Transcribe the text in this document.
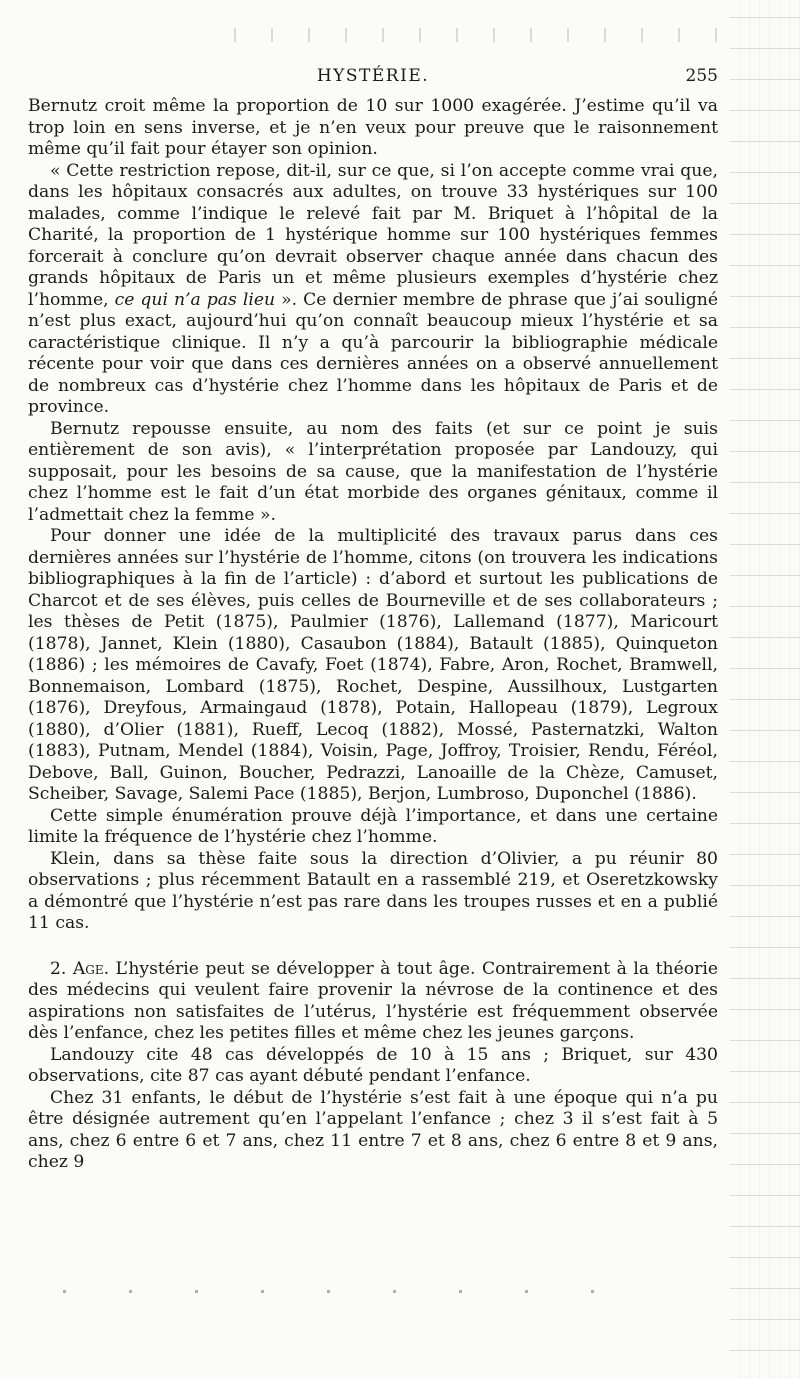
HYSTÉRIE.	255

Bernutz croit même la proportion de 10 sur 1000 exagérée. J’estime qu’il va trop loin en sens inverse, et je n’en veux pour preuve que le raisonnement même qu’il fait pour étayer son opinion.

« Cette restriction repose, dit-il, sur ce que, si l’on accepte comme vrai que, dans les hôpitaux consacrés aux adultes, on trouve 33 hystériques sur 100 malades, comme l’indique le relevé fait par M. Briquet à l’hôpital de la Charité, la proportion de 1 hystérique homme sur 100 hystériques femmes forcerait à conclure qu’on devrait observer chaque année dans chacun des grands hôpitaux de Paris un et même plusieurs exemples d’hystérie chez l’homme, ce qui n’a pas lieu ». Ce dernier membre de phrase que j’ai souligné n’est plus exact, aujourd’hui qu’on connaît beaucoup mieux l’hystérie et sa caractéristique clinique. Il n’y a qu’à parcourir la bibliographie médicale récente pour voir que dans ces dernières années on a observé annuellement de nombreux cas d’hystérie chez l’homme dans les hôpitaux de Paris et de province.

Bernutz repousse ensuite, au nom des faits (et sur ce point je suis entièrement de son avis), « l’interprétation proposée par Landouzy, qui supposait, pour les besoins de sa cause, que la manifestation de l’hystérie chez l’homme est le fait d’un état morbide des organes génitaux, comme il l’admettait chez la femme ».

Pour donner une idée de la multiplicité des travaux parus dans ces dernières années sur l’hystérie de l’homme, citons (on trouvera les indications bibliographiques à la fin de l’article) : d’abord et surtout les publications de Charcot et de ses élèves, puis celles de Bourneville et de ses collaborateurs ; les thèses de Petit (1875), Paulmier (1876), Lallemand (1877), Maricourt (1878), Jannet, Klein (1880), Casaubon (1884), Batault (1885), Quinqueton (1886) ; les mémoires de Cavafy, Foet (1874), Fabre, Aron, Rochet, Bramwell, Bonnemaison, Lombard (1875), Rochet, Despine, Aussilhoux, Lustgarten (1876), Dreyfous, Armaingaud (1878), Potain, Hallopeau (1879), Legroux (1880), d’Olier (1881), Rueff, Lecoq (1882), Mossé, Pasternatzki, Walton (1883), Putnam, Mendel (1884), Voisin, Page, Joffroy, Troisier, Rendu, Féréol, Debove, Ball, Guinon, Boucher, Pedrazzi, Lanoaille de la Chèze, Camuset, Scheiber, Savage, Salemi Pace (1885), Berjon, Lumbroso, Duponchel (1886).

Cette simple énumération prouve déjà l’importance, et dans une certaine limite la fréquence de l’hystérie chez l’homme.

Klein, dans sa thèse faite sous la direction d’Olivier, a pu réunir 80 observations ; plus récemment Batault en a rassemblé 219, et Oseretzkowsky a démontré que l’hystérie n’est pas rare dans les troupes russes et en a publié 11 cas.

2. Age. L’hystérie peut se développer à tout âge. Contrairement à la théorie des médecins qui veulent faire provenir la névrose de la continence et des aspirations non satisfaites de l’utérus, l’hystérie est fréquemment observée dès l’enfance, chez les petites filles et même chez les jeunes garçons.

Landouzy cite 48 cas développés de 10 à 15 ans ; Briquet, sur 430 observations, cite 87 cas ayant débuté pendant l’enfance.

Chez 31 enfants, le début de l’hystérie s’est fait à une époque qui n’a pu être désignée autrement qu’en l’appelant l’enfance ; chez 3 il s’est fait à 5 ans, chez 6 entre 6 et 7 ans, chez 11 entre 7 et 8 ans, chez 6 entre 8 et 9 ans, chez 9
